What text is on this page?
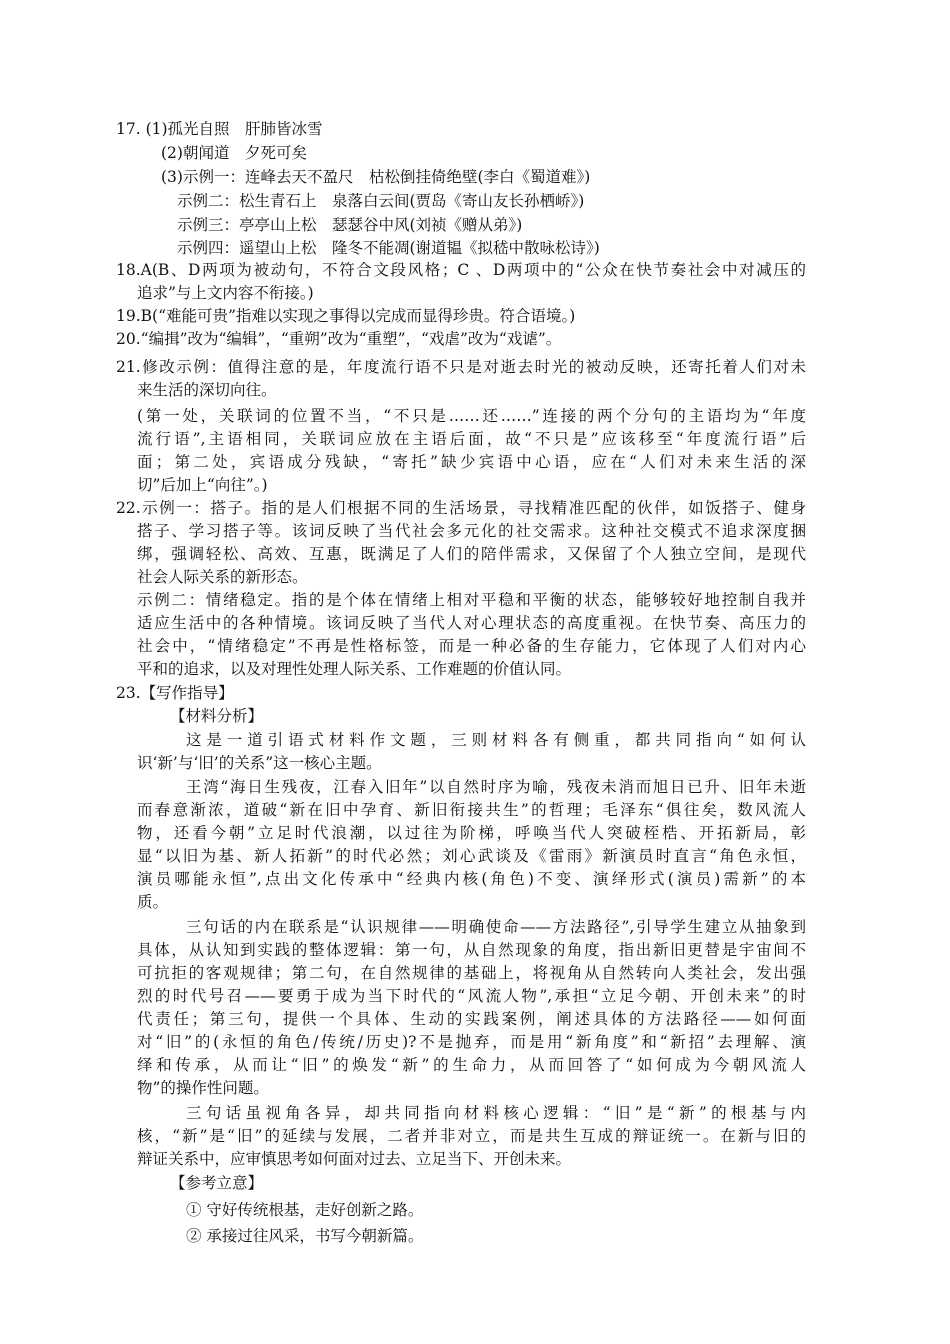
17. (1)孤光自照　肝肺皆冰雪
(2)朝闻道　夕死可矣
(3)示例一：连峰去天不盈尺　枯松倒挂倚绝壁(李白《蜀道难》)
示例二：松生青石上　泉落白云间(贾岛《寄山友长孙栖峤》)
示例三：亭亭山上松　瑟瑟谷中风(刘祯《赠从弟》)
示例四：遥望山上松　隆冬不能凋(谢道韫《拟嵇中散咏松诗》)
18.A(B、D两项为被动句，不符合文段风格；C 、D两项中的“公众在快节奏社会中对减压的
追求”与上文内容不衔接。)
19.B(“难能可贵”指难以实现之事得以完成而显得珍贵。符合语境。)
20.“编揖”改为“编辑”，“重朔”改为“重塑”，“戏虐”改为“戏谑”。
21.修改示例：值得注意的是，年度流行语不只是对逝去时光的被动反映，还寄托着人们对未
来生活的深切向往。
(第一处，关联词的位置不当，“不只是……还……”连接的两个分句的主语均为“年度
流行语”,主语相同，关联词应放在主语后面，故“不只是”应该移至“年度流行语”后
面；第二处，宾语成分残缺，“寄托”缺少宾语中心语，应在“人们对未来生活的深
切”后加上“向往”。)
22.示例一：搭子。指的是人们根据不同的生活场景，寻找精准匹配的伙伴，如饭搭子、健身
搭子、学习搭子等。该词反映了当代社会多元化的社交需求。这种社交模式不追求深度捆
绑，强调轻松、高效、互惠，既满足了人们的陪伴需求，又保留了个人独立空间，是现代
社会人际关系的新形态。
示例二：情绪稳定。指的是个体在情绪上相对平稳和平衡的状态，能够较好地控制自我并
适应生活中的各种情境。该词反映了当代人对心理状态的高度重视。在快节奏、高压力的
社会中，“情绪稳定”不再是性格标签，而是一种必备的生存能力，它体现了人们对内心
平和的追求，以及对理性处理人际关系、工作难题的价值认同。
23.【写作指导】
【材料分析】
这是一道引语式材料作文题，三则材料各有侧重，都共同指向“如何认
识‘新’与‘旧’的关系”这一核心主题。
王湾“海日生残夜，江春入旧年”以自然时序为喻，残夜未消而旭日已升、旧年未逝
而春意渐浓，道破“新在旧中孕育、新旧衔接共生”的哲理；毛泽东“俱往矣，数风流人
物，还看今朝”立足时代浪潮，以过往为阶梯，呼唤当代人突破桎梏、开拓新局，彰
显“以旧为基、新人拓新”的时代必然；刘心武谈及《雷雨》新演员时直言“角色永恒，
演员哪能永恒”,点出文化传承中“经典内核(角色)不变、演绎形式(演员)需新”的本
质。
三句话的内在联系是“认识规律——明确使命——方法路径”,引导学生建立从抽象到
具体，从认知到实践的整体逻辑：第一句，从自然现象的角度，指出新旧更替是宇宙间不
可抗拒的客观规律；第二句，在自然规律的基础上，将视角从自然转向人类社会，发出强
烈的时代号召——要勇于成为当下时代的“风流人物”,承担“立足今朝、开创未来”的时
代责任；第三句，提供一个具体、生动的实践案例，阐述具体的方法路径——如何面
对“旧”的(永恒的角色/传统/历史)?不是抛弃，而是用“新角度”和“新招”去理解、演
绎和传承，从而让“旧”的焕发“新”的生命力，从而回答了“如何成为今朝风流人
物”的操作性问题。
三句话虽视角各异，却共同指向材料核心逻辑：“旧”是“新”的根基与内
核，“新”是“旧”的延续与发展，二者并非对立，而是共生互成的辩证统一。在新与旧的
辩证关系中，应审慎思考如何面对过去、立足当下、开创未来。
【参考立意】
① 守好传统根基，走好创新之路。
② 承接过往风采，书写今朝新篇。
